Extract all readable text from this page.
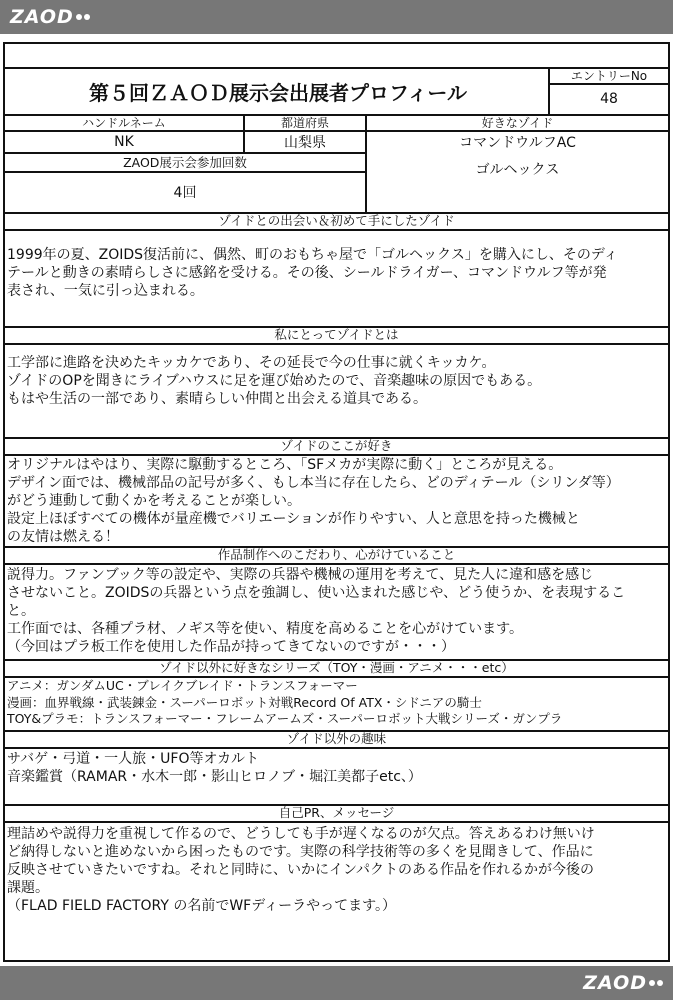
ZAOD
第５回ＺＡＯＤ展示会出展者プロフィール
エントリーNo
48
ハンドルネーム	都道府県	好きなゾイド
NK	山梨県	コマンドウルフAC
ゴルヘックス
ZAOD展示会参加回数
4回
ゾイドとの出会い＆初めて手にしたゾイド

1999年の夏、ZOIDS復活前に、偶然、町のおもちゃ屋で「ゴルヘックス」を購入にし、そのディ

テールと動きの素晴らしさに感銘を受ける。その後、シールドライガー、コマンドウルフ等が発

表され、一気に引っ込まれる。

私にとってゾイドとは

工学部に進路を決めたキッカケであり、その延長で今の仕事に就くキッカケ。

ゾイドのOPを聞きにライブハウスに足を運び始めたので、音楽趣味の原因でもある。

もはや生活の一部であり、素晴らしい仲間と出会える道具である。

ゾイドのここが好き

オリジナルはやはり、実際に駆動するところ、「SFメカが実際に動く」ところが見える。

デザイン面では、機械部品の記号が多く、もし本当に存在したら、どのディテール（シリンダ等）

がどう連動して動くかを考えることが楽しい。

設定上ほぼすべての機体が量産機でバリエーションが作りやすい、人と意思を持った機械と

の友情は燃える！

作品制作へのこだわり、心がけていること

説得力。ファンブック等の設定や、実際の兵器や機械の運用を考えて、見た人に違和感を感じ

させないこと。ZOIDSの兵器という点を強調し、使い込まれた感じや、どう使うか、を表現するこ

と。

工作面では、各種プラ材、ノギス等を使い、精度を高めることを心がけています。

（今回はプラ板工作を使用した作品が持ってきてないのですが・・・）

ゾイド以外に好きなシリーズ（TOY・漫画・アニメ・・・etc）

アニメ：ガンダムUC・ブレイクブレイド・トランスフォーマー

漫画：血界戦線・武装錬金・スーパーロボット対戦Record Of ATX・シドニアの騎士

TOY&プラモ：トランスフォーマー・フレームアームズ・スーパーロボット大戦シリーズ・ガンプラ

ゾイド以外の趣味

サバゲ・弓道・一人旅・UFO等オカルト

音楽鑑賞（RAMAR・水木一郎・影山ヒロノブ・堀江美都子etc、）

自己PR、メッセージ

理詰めや説得力を重視して作るので、どうしても手が遅くなるのが欠点。答えあるわけ無いけ

ど納得しないと進めないから困ったものです。実際の科学技術等の多くを見聞きして、作品に

反映させていきたいですね。それと同時に、いかにインパクトのある作品を作れるかが今後の

課題。

（FLAD FIELD FACTORY の名前でWFディーラやってます。）

ZAOD
